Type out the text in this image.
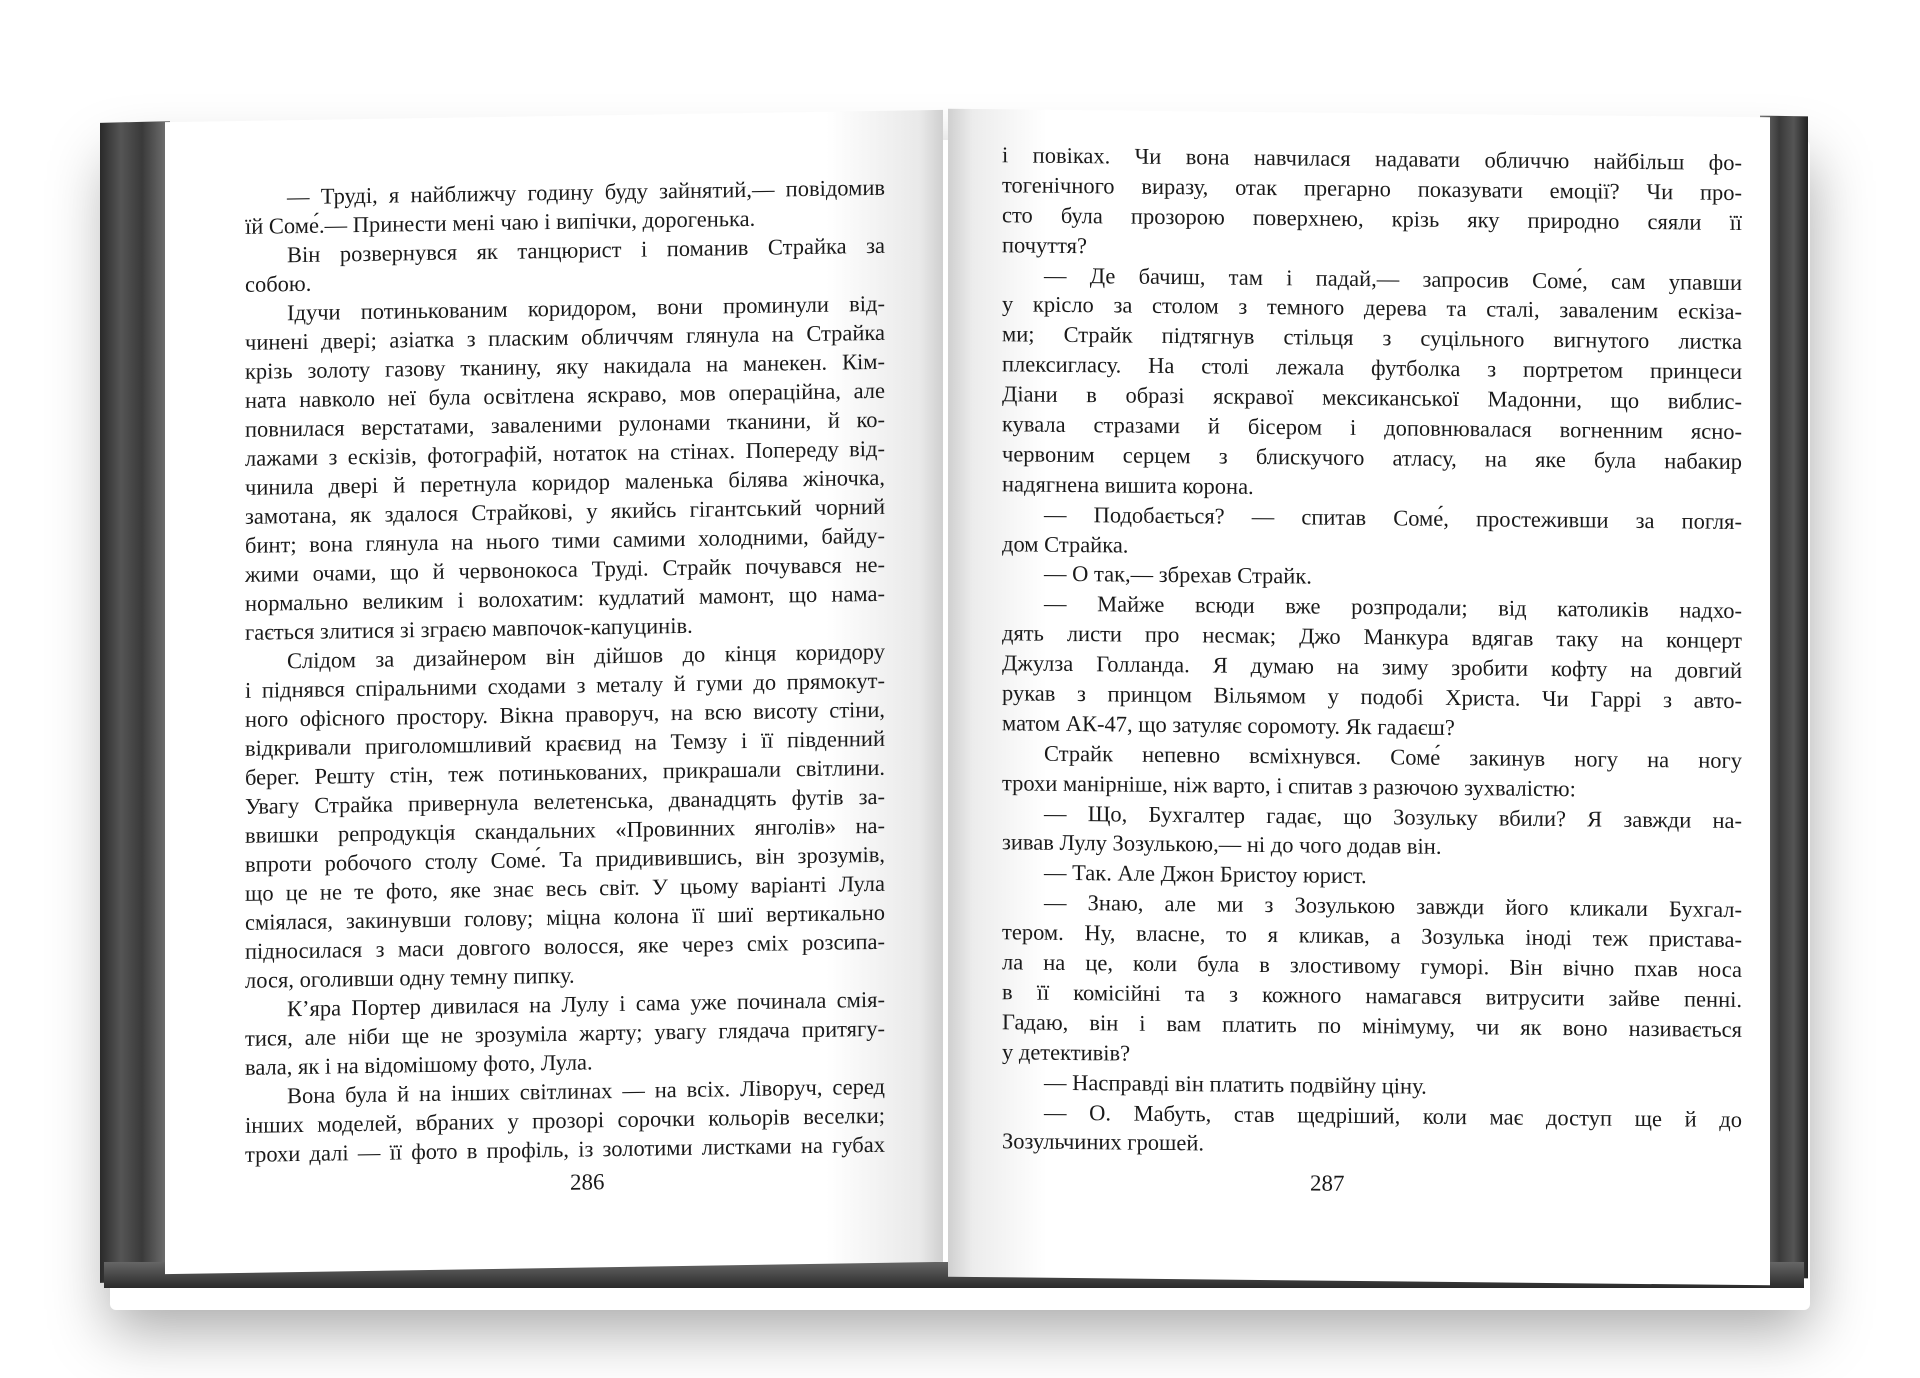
— Труді, я найближчу годину буду зайнятий,— повідомив
їй Соме́.— Принести мені чаю і випічки, дорогенька.
Він розвернувся як танцюрист і поманив Страйка за
собою.
Ідучи потинькованим коридором, вони проминули від-
чинені двері; азіатка з пласким обличчям глянула на Страйка
крізь золоту газову тканину, яку накидала на манекен. Кім-
ната навколо неї була освітлена яскраво, мов операційна, але
повнилася верстатами, заваленими рулонами тканини, й ко-
лажами з ескізів, фотографій, нотаток на стінах. Попереду від-
чинила двері й перетнула коридор маленька білява жіночка,
замотана, як здалося Страйкові, у якийсь гігантський чорний
бинт; вона глянула на нього тими самими холодними, байду-
жими очами, що й червонокоса Труді. Страйк почувався не-
нормально великим і волохатим: кудлатий мамонт, що нама-
гається злитися зі зграєю мавпочок-капуцинів.
Слідом за дизайнером він дійшов до кінця коридору
і піднявся спіральними сходами з металу й гуми до прямокут-
ного офісного простору. Вікна праворуч, на всю висоту стіни,
відкривали приголомшливий краєвид на Темзу і її південний
берег. Решту стін, теж потинькованих, прикрашали світлини.
Увагу Страйка привернула велетенська, дванадцять футів за-
ввишки репродукція скандальних «Провинних янголів» на-
впроти робочого столу Соме́. Та придивившись, він зрозумів,
що це не те фото, яке знає весь світ. У цьому варіанті Лула
сміялася, закинувши голову; міцна колона її шиї вертикально
підносилася з маси довгого волосся, яке через сміх розсипа-
лося, оголивши одну темну пипку.
К’яра Портер дивилася на Лулу і сама уже починала смія-
тися, але ніби ще не зрозуміла жарту; увагу глядача притягу-
вала, як і на відомішому фото, Лула.
Вона була й на інших світлинах — на всіх. Ліворуч, серед
інших моделей, вбраних у прозорі сорочки кольорів веселки;
трохи далі — її фото в профіль, із золотими листками на губах
286
і повіках. Чи вона навчилася надавати обличчю найбільш фо-
тогенічного виразу, отак прегарно показувати емоції? Чи про-
сто була прозорою поверхнею, крізь яку природно сяяли її
почуття?
— Де бачиш, там і падай,— запросив Соме́, сам упавши
у крісло за столом з темного дерева та сталі, заваленим ескіза-
ми; Страйк підтягнув стільця з суцільного вигнутого листка
плексигласу. На столі лежала футболка з портретом принцеси
Діани в образі яскравої мексиканської Мадонни, що виблис-
кувала стразами й бісером і доповнювалася вогненним ясно-
червоним серцем з блискучого атласу, на яке була набакир
надягнена вишита корона.
— Подобається? — спитав Соме́, простеживши за погля-
дом Страйка.
— О так,— збрехав Страйк.
— Майже всюди вже розпродали; від католиків надхо-
дять листи про несмак; Джо Манкура вдягав таку на концерт
Джулза Голланда. Я думаю на зиму зробити кофту на довгий
рукав з принцом Вільямом у подобі Христа. Чи Гаррі з авто-
матом АК-47, що затуляє соромоту. Як гадаєш?
Страйк непевно всміхнувся. Соме́ закинув ногу на ногу
трохи манірніше, ніж варто, і спитав з разючою зухвалістю:
— Що, Бухгалтер гадає, що Зозульку вбили? Я завжди на-
зивав Лулу Зозулькою,— ні до чого додав він.
— Так. Але Джон Бристоу юрист.
— Знаю, але ми з Зозулькою завжди його кликали Бухгал-
тером. Ну, власне, то я кликав, а Зозулька іноді теж пристава-
ла на це, коли була в злостивому гуморі. Він вічно пхав носа
в її комісійні та з кожного намагався витрусити зайве пенні.
Гадаю, він і вам платить по мінімуму, чи як воно називається
у детективів?
— Насправді він платить подвійну ціну.
— О. Мабуть, став щедріший, коли має доступ ще й до
Зозульчиних грошей.
287
